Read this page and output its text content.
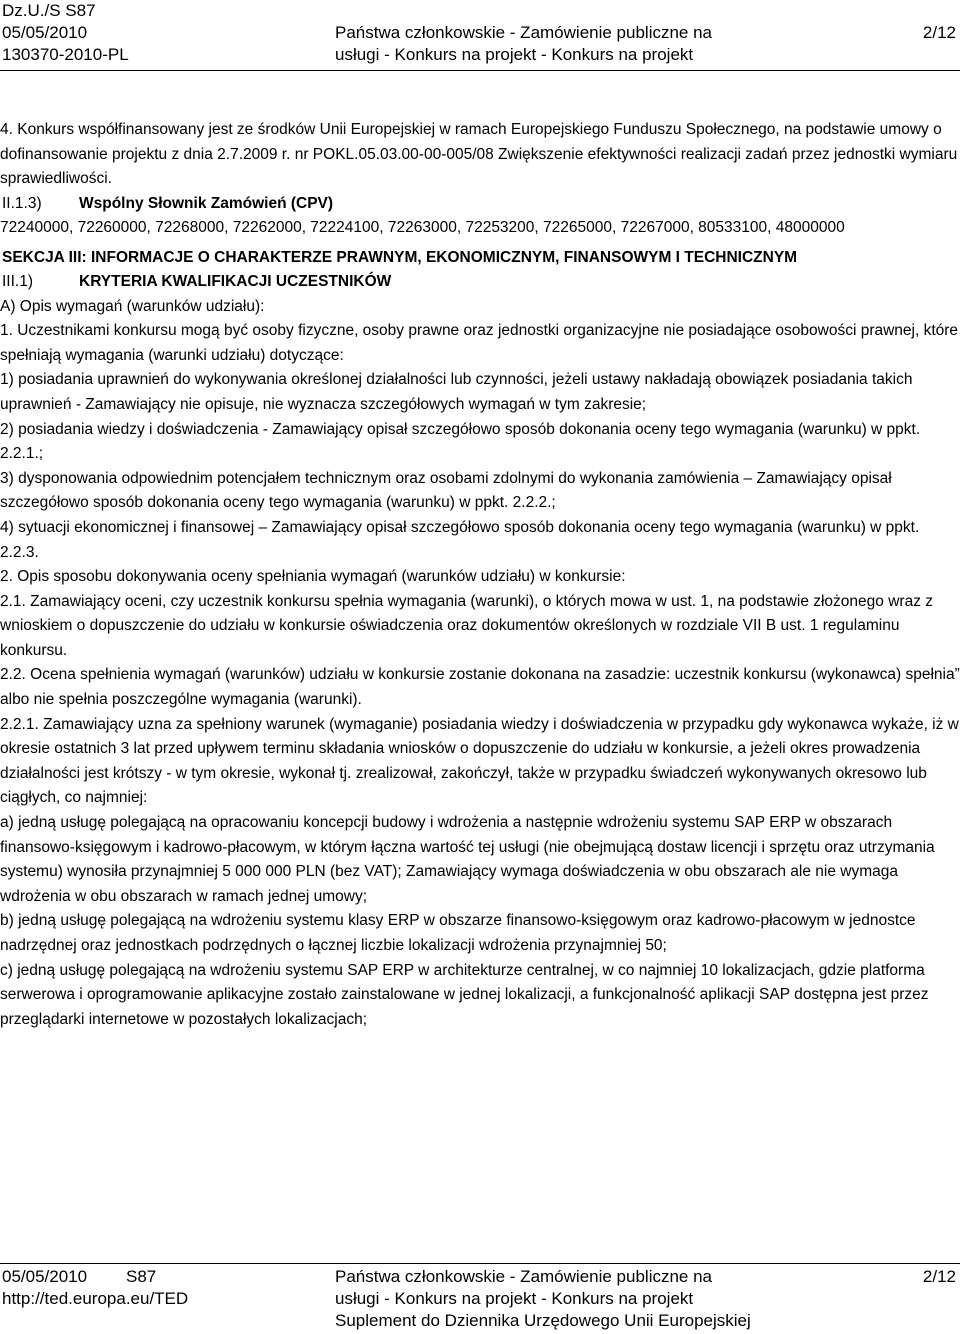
Dz.U./S S87
05/05/2010
130370-2010-PL
Państwa członkowskie - Zamówienie publiczne na
usługi - Konkurs na projekt - Konkurs na projekt
2/12

4. Konkurs współfinansowany jest ze środków Unii Europejskiej w ramach Europejskiego Funduszu Społecznego, na podstawie umowy o dofinansowanie projektu z dnia 2.7.2009 r. nr POKL.05.03.00-00-005/08 Zwiększenie efektywności realizacji zadań przez jednostki wymiaru sprawiedliwości.

II.1.3) Wspólny Słownik Zamówień (CPV)

72240000, 72260000, 72268000, 72262000, 72224100, 72263000, 72253200, 72265000, 72267000, 80533100, 48000000

SEKCJA III: INFORMACJE O CHARAKTERZE PRAWNYM, EKONOMICZNYM, FINANSOWYM I TECHNICZNYM
III.1)	KRYTERIA KWALIFIKACJI UCZESTNIKÓW

A) Opis wymagań (warunków udziału):

1. Uczestnikami konkursu mogą być osoby fizyczne, osoby prawne oraz jednostki organizacyjne nie posiadające osobowości prawnej, które spełniają wymagania (warunki udziału) dotyczące:

1) posiadania uprawnień do wykonywania określonej działalności lub czynności, jeżeli ustawy nakładają obowiązek posiadania takich uprawnień - Zamawiający nie opisuje, nie wyznacza szczegółowych wymagań w tym zakresie;

2) posiadania wiedzy i doświadczenia - Zamawiający opisał szczegółowo sposób dokonania oceny tego wymagania (warunku) w ppkt. 2.2.1.;

3) dysponowania odpowiednim potencjałem technicznym oraz osobami zdolnymi do wykonania zamówienia – Zamawiający opisał szczegółowo sposób dokonania oceny tego wymagania (warunku) w ppkt. 2.2.2.;

4) sytuacji ekonomicznej i finansowej – Zamawiający opisał szczegółowo sposób dokonania oceny tego wymagania (warunku) w ppkt. 2.2.3.

2. Opis sposobu dokonywania oceny spełniania wymagań (warunków udziału) w konkursie:

2.1. Zamawiający oceni, czy uczestnik konkursu spełnia wymagania (warunki), o których mowa w ust. 1, na podstawie złożonego wraz z wnioskiem o dopuszczenie do udziału w konkursie oświadczenia oraz dokumentów określonych w rozdziale VII B ust. 1 regulaminu konkursu.

2.2. Ocena spełnienia wymagań (warunków) udziału w konkursie zostanie dokonana na zasadzie: uczestnik konkursu (wykonawca) spełnia” albo nie spełnia poszczególne wymagania (warunki).

2.2.1. Zamawiający uzna za spełniony warunek (wymaganie) posiadania wiedzy i doświadczenia w przypadku gdy wykonawca wykaże, iż w okresie ostatnich 3 lat przed upływem terminu składania wniosków o dopuszczenie do udziału w konkursie, a jeżeli okres prowadzenia działalności jest krótszy - w tym okresie, wykonał tj. zrealizował, zakończył, także w przypadku świadczeń wykonywanych okresowo lub ciągłych, co najmniej:

a) jedną usługę polegającą na opracowaniu koncepcji budowy i wdrożenia a następnie wdrożeniu systemu SAP ERP w obszarach finansowo-księgowym i kadrowo-płacowym, w którym łączna wartość tej usługi (nie obejmującą dostaw licencji i sprzętu oraz utrzymania systemu) wynosiła przynajmniej 5 000 000 PLN (bez VAT); Zamawiający wymaga doświadczenia w obu obszarach ale nie wymaga wdrożenia w obu obszarach w ramach jednej umowy;

b) jedną usługę polegającą na wdrożeniu systemu klasy ERP w obszarze finansowo-księgowym oraz kadrowo-płacowym w jednostce nadrzędnej oraz jednostkach podrzędnych o łącznej liczbie lokalizacji wdrożenia przynajmniej 50;

c) jedną usługę polegającą na wdrożeniu systemu SAP ERP w architekturze centralnej, w co najmniej 10 lokalizacjach, gdzie platforma serwerowa i oprogramowanie aplikacyjne zostało zainstalowane w jednej lokalizacji, a funkcjonalność aplikacji SAP dostępna jest przez przeglądarki internetowe w pozostałych lokalizacjach;

05/05/2010 S87
http://ted.europa.eu/TED
Państwa członkowskie - Zamówienie publiczne na
usługi - Konkurs na projekt - Konkurs na projekt
Suplement do Dziennika Urzędowego Unii Europejskiej
2/12
